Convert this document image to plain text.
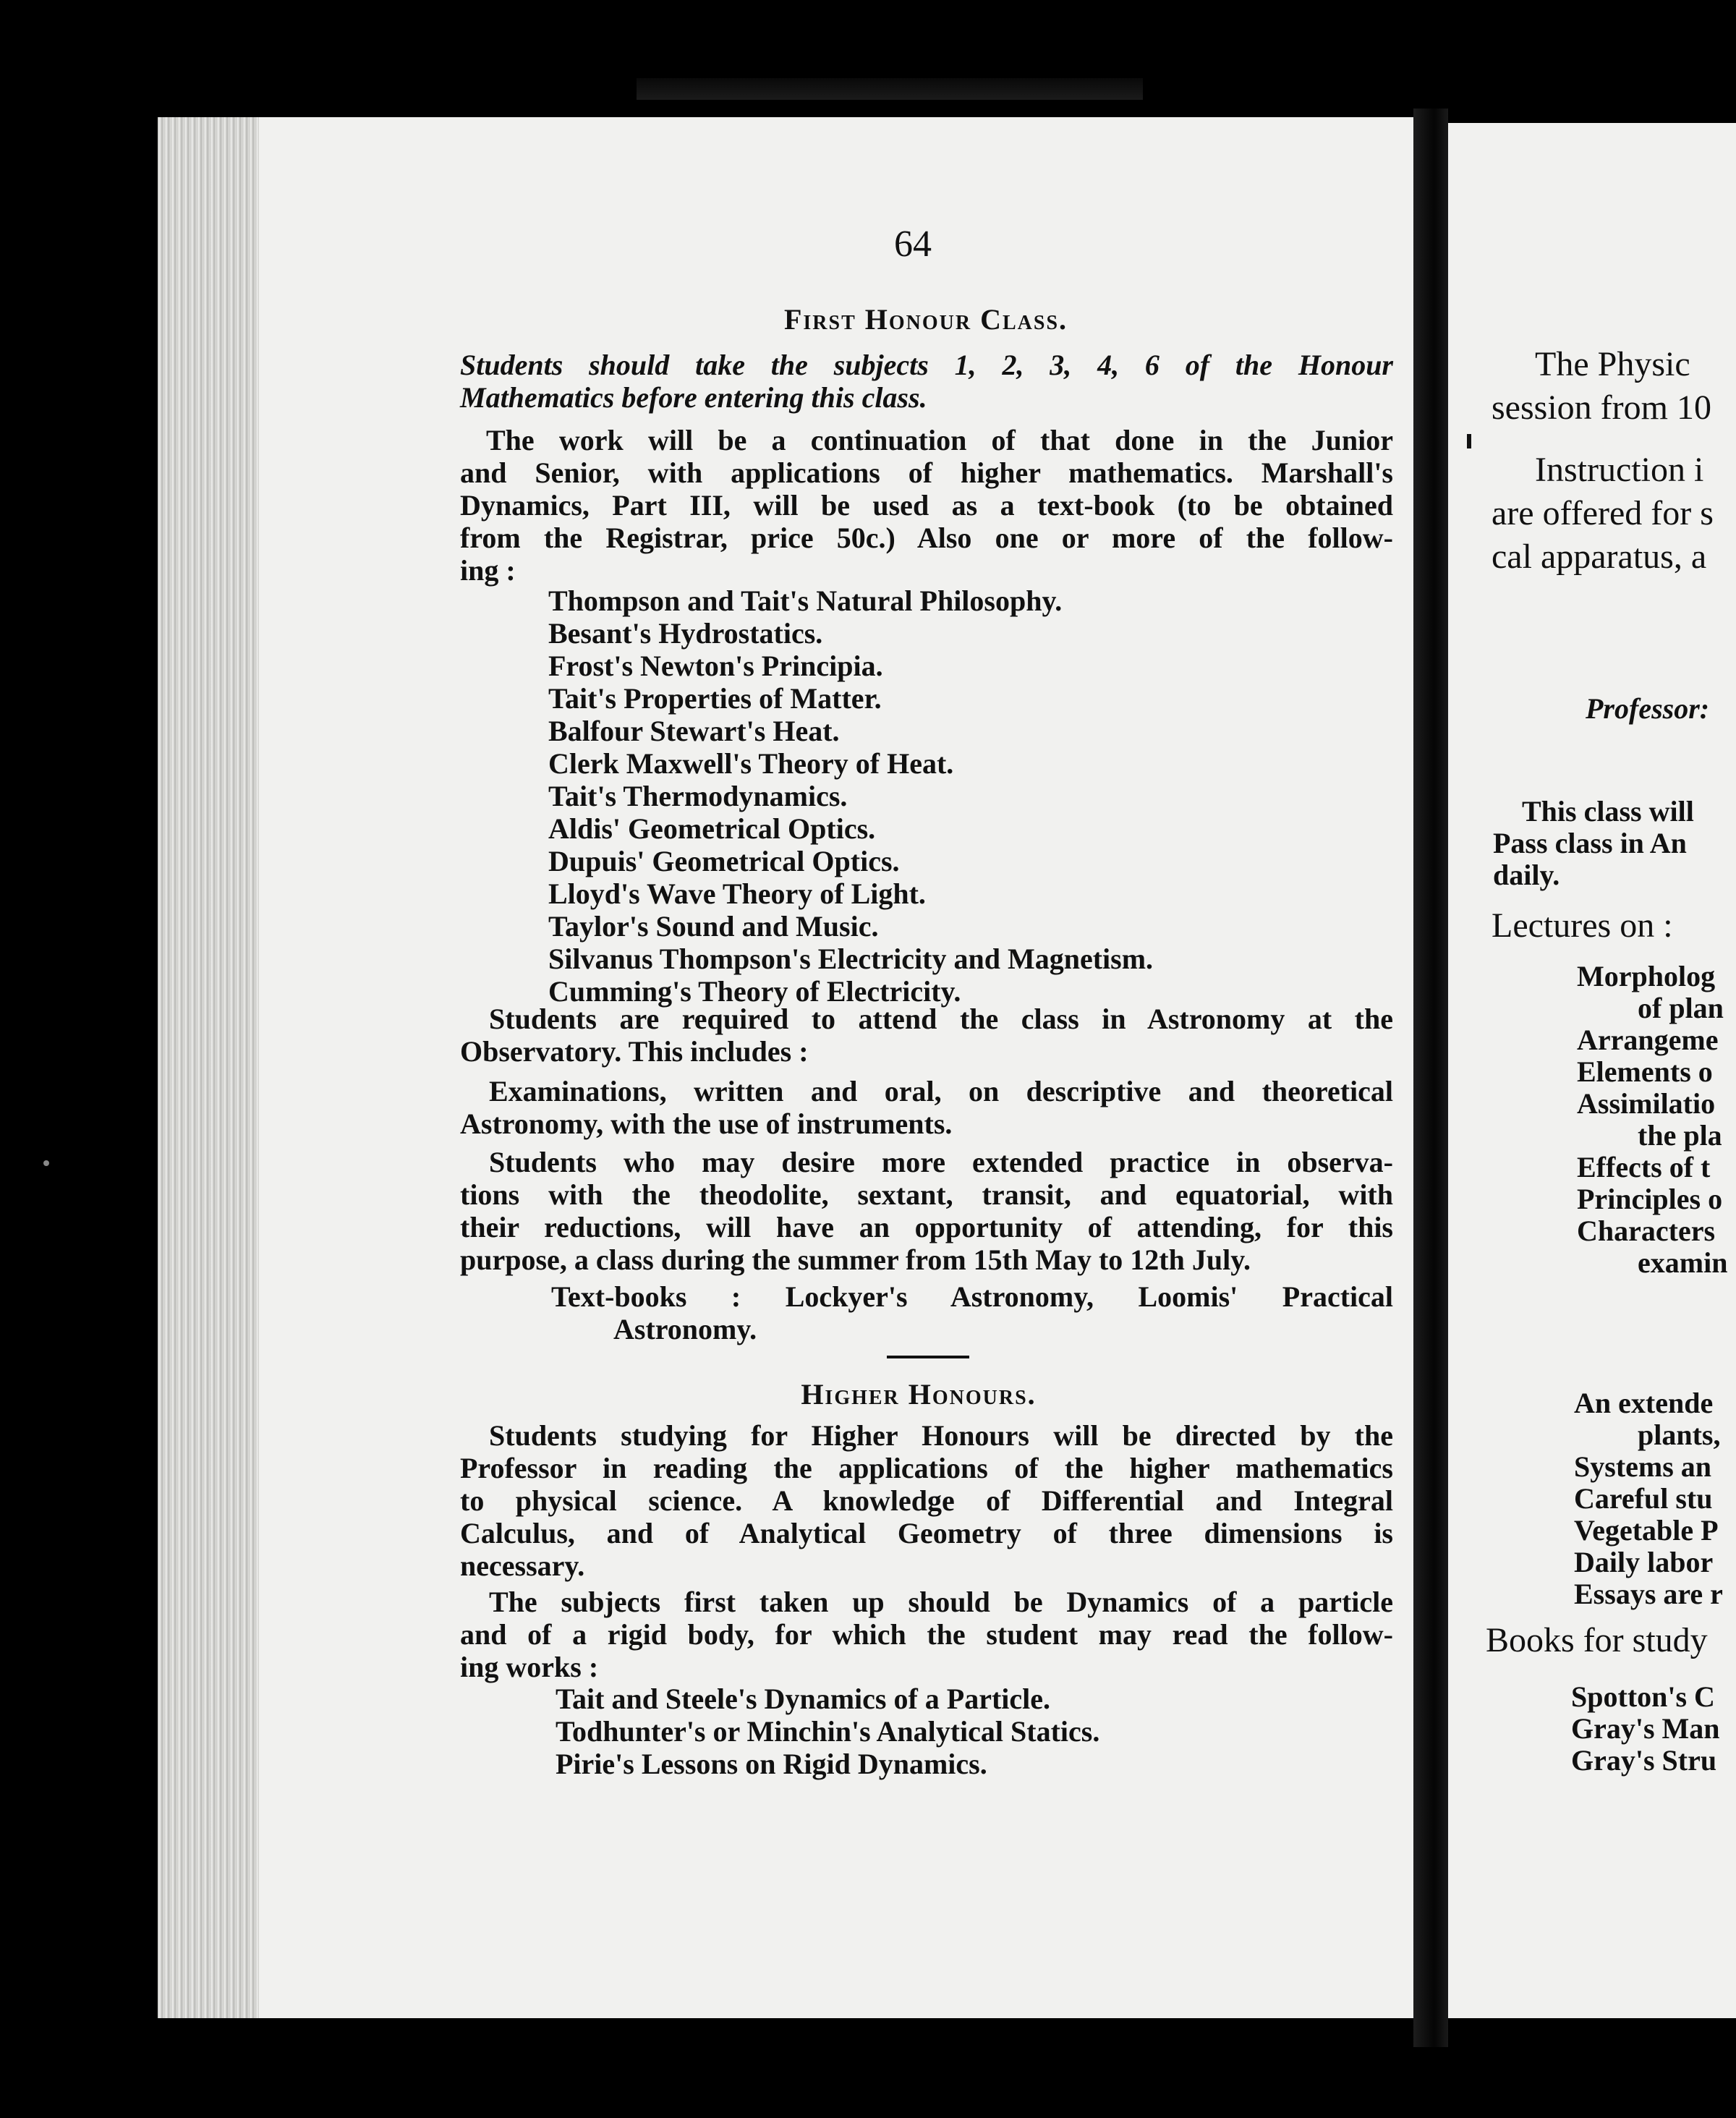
64
First Honour Class.

Students should take the subjects 1, 2, 3, 4, 6 of the Honour

Mathematics before entering this class.

The work will be a continuation of that done in the Junior

and Senior, with applications of higher mathematics. Marshall's

Dynamics, Part III, will be used as a text-book (to be obtained

from the Registrar, price 50c.) Also one or more of the follow-

ing :

Thompson and Tait's Natural Philosophy.
Besant's Hydrostatics.
Frost's Newton's Principia.
Tait's Properties of Matter.
Balfour Stewart's Heat.
Clerk Maxwell's Theory of Heat.
Tait's Thermodynamics.
Aldis' Geometrical Optics.
Dupuis' Geometrical Optics.
Lloyd's Wave Theory of Light.
Taylor's Sound and Music.
Silvanus Thompson's Electricity and Magnetism.
Cumming's Theory of Electricity.

Students are required to attend the class in Astronomy at the

Observatory. This includes :

Examinations, written and oral, on descriptive and theoretical

Astronomy, with the use of instruments.

Students who may desire more extended practice in observa-

tions with the theodolite, sextant, transit, and equatorial, with

their reductions, will have an opportunity of attending, for this

purpose, a class during the summer from 15th May to 12th July.

Text-books : Lockyer's Astronomy, Loomis' Practical

Astronomy.

Higher Honours.

Students studying for Higher Honours will be directed by the

Professor in reading the applications of the higher mathematics

to physical science. A knowledge of Differential and Integral

Calculus, and of Analytical Geometry of three dimensions is

necessary.

The subjects first taken up should be Dynamics of a particle

and of a rigid body, for which the student may read the follow-

ing works :

Tait and Steele's Dynamics of a Particle.
Todhunter's or Minchin's Analytical Statics.
Pirie's Lessons on Rigid Dynamics.
The Physic
session from 10
Instruction i
are offered for s
cal apparatus, a
Professor:
This class will
Pass class in An
daily.
Lectures on :
Morpholog
of plan
Arrangeme
Elements o
Assimilatio
the pla
Effects of t
Principles o
Characters
examin
An extende
plants,
Systems an
Careful stu
Vegetable P
Daily labor
Essays are r
Books for study
Spotton's C
Gray's Man
Gray's Stru
